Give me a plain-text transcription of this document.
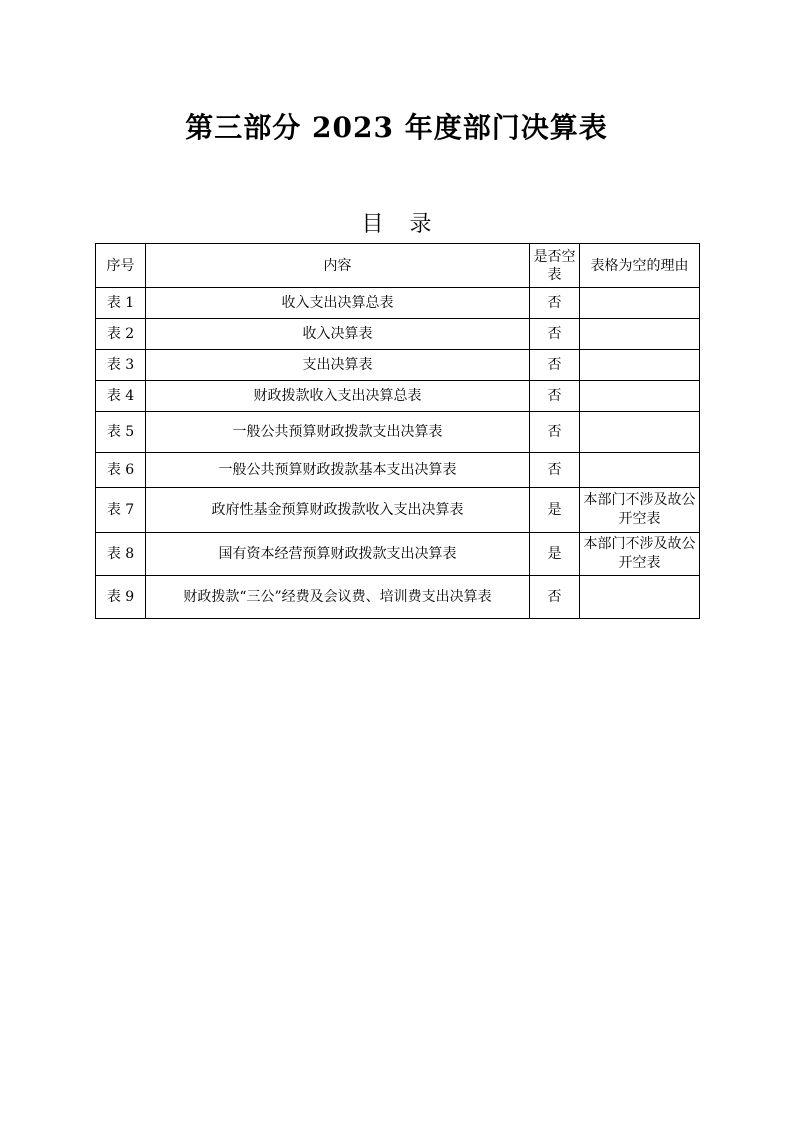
第三部分 2023 年度部门决算表
目录
序号	内容	是否空表	表格为空的理由
表 1	收入支出决算总表	否	
表 2	收入决算表	否	
表 3	支出决算表	否	
表 4	财政拨款收入支出决算总表	否	
表 5	一般公共预算财政拨款支出决算表	否	
表 6	一般公共预算财政拨款基本支出决算表	否	
表 7	政府性基金预算财政拨款收入支出决算表	是	本部门不涉及故公开空表

表 8	国有资本经营预算财政拨款支出决算表	是	本部门不涉及故公开空表

表 9	财政拨款“三公”经费及会议费、培训费支出决算表	否	
